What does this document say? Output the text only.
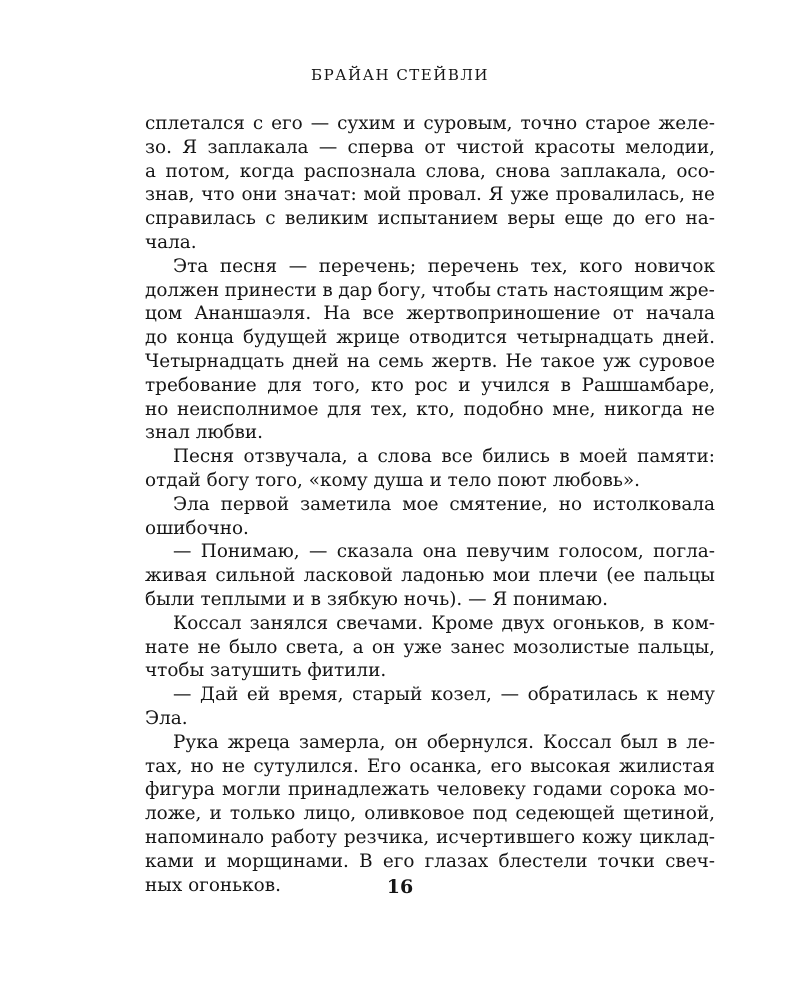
БРАЙАН СТЕЙВЛИ
сплетался с его — сухим и суровым, точно старое желе-
зо. Я заплакала — сперва от чистой красоты мелодии,
а потом, когда распознала слова, снова заплакала, осо-
знав, что они значат: мой провал. Я уже провалилась, не
справилась с великим испытанием веры еще до его на-
чала.
Эта песня — перечень; перечень тех, кого новичок
должен принести в дар богу, чтобы стать настоящим жре-
цом Ананшаэля. На все жертвоприношение от начала
до конца будущей жрице отводится четырнадцать дней.
Четырнадцать дней на семь жертв. Не такое уж суровое
требование для того, кто рос и учился в Рашшамбаре,
но неисполнимое для тех, кто, подобно мне, никогда не
знал любви.
Песня отзвучала, а слова все бились в моей памяти:
отдай богу того, «кому душа и тело поют любовь».
Эла первой заметила мое смятение, но истолковала
ошибочно.
— Понимаю, — сказала она певучим голосом, погла-
живая сильной ласковой ладонью мои плечи (ее пальцы
были теплыми и в зябкую ночь). — Я понимаю.
Коссал занялся свечами. Кроме двух огоньков, в ком-
нате не было света, а он уже занес мозолистые пальцы,
чтобы затушить фитили.
— Дай ей время, старый козел, — обратилась к нему
Эла.
Рука жреца замерла, он обернулся. Коссал был в ле-
тах, но не сутулился. Его осанка, его высокая жилистая
фигура могли принадлежать человеку годами сорока мо-
ложе, и только лицо, оливковое под седеющей щетиной,
напоминало работу резчика, исчертившего кожу циклад-
ками и морщинами. В его глазах блестели точки свеч-
ных огоньков.	16
